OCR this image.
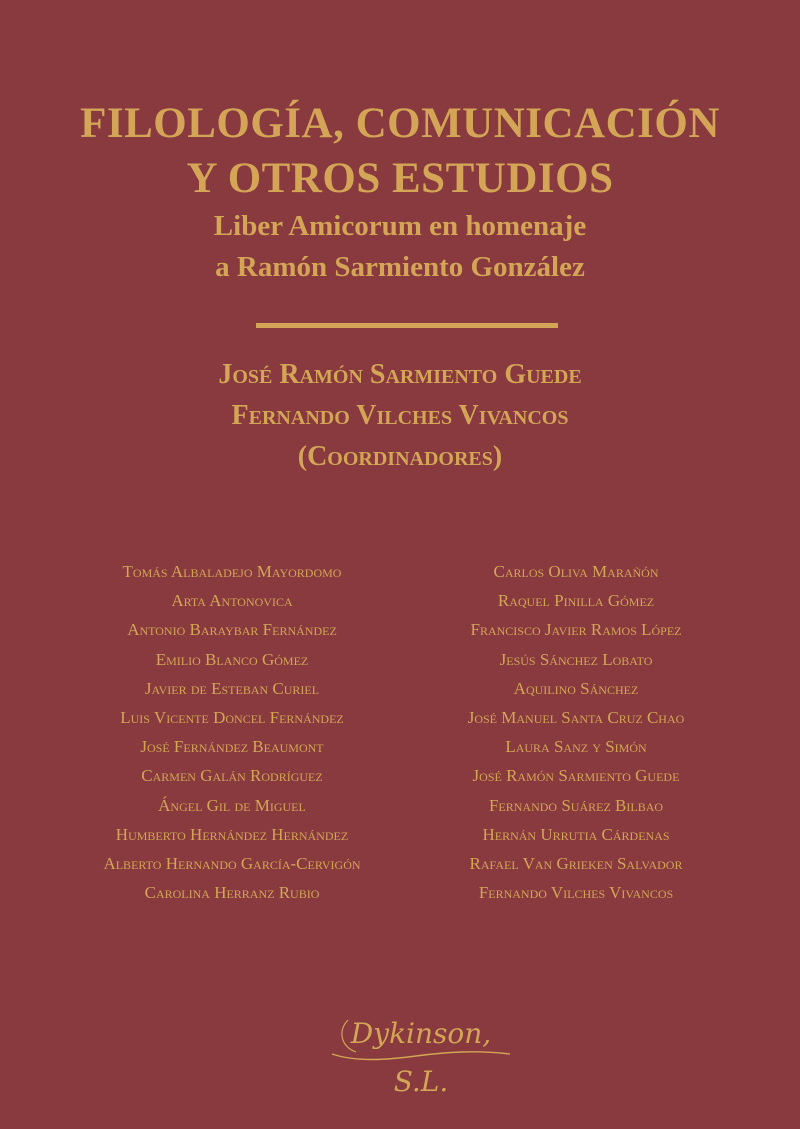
FILOLOGÍA, COMUNICACIÓN
Y OTROS ESTUDIOS
Liber Amicorum en homenaje
a Ramón Sarmiento González
José Ramón Sarmiento Guede
Fernando Vilches Vivancos
(Coordinadores)
Tomás Albaladejo Mayordomo
Arta Antonovica
Antonio Baraybar Fernández
Emilio Blanco Gómez
Javier de Esteban Curiel
Luis Vicente Doncel Fernández
José Fernández Beaumont
Carmen Galán Rodríguez
Ángel Gil de Miguel
Humberto Hernández Hernández
Alberto Hernando García-Cervigón
Carolina Herranz Rubio
Carlos Oliva Marañón
Raquel Pinilla Gómez
Francisco Javier Ramos López
Jesús Sánchez Lobato
Aquilino Sánchez
José Manuel Santa Cruz Chao
Laura Sanz y Simón
José Ramón Sarmiento Guede
Fernando Suárez Bilbao
Hernán Urrutia Cárdenas
Rafael Van Grieken Salvador
Fernando Vilches Vivancos
Dykinson, S.L.
